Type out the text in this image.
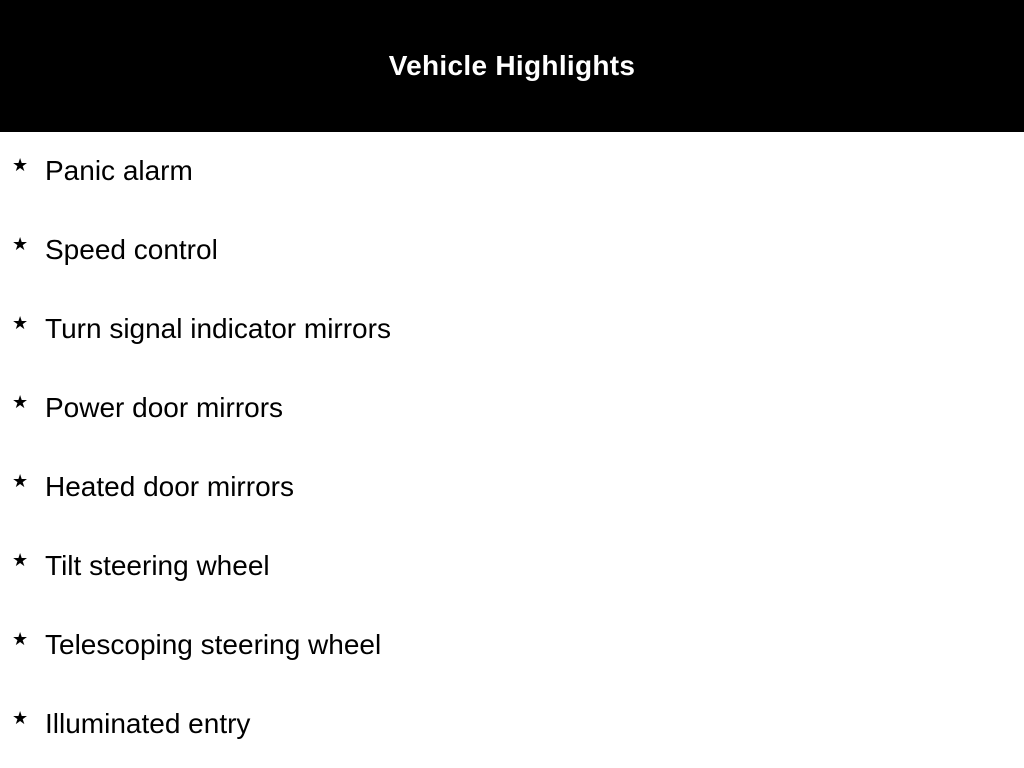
Vehicle Highlights
★ Panic alarm
★ Speed control
★ Turn signal indicator mirrors
★ Power door mirrors
★ Heated door mirrors
★ Tilt steering wheel
★ Telescoping steering wheel
★ Illuminated entry
